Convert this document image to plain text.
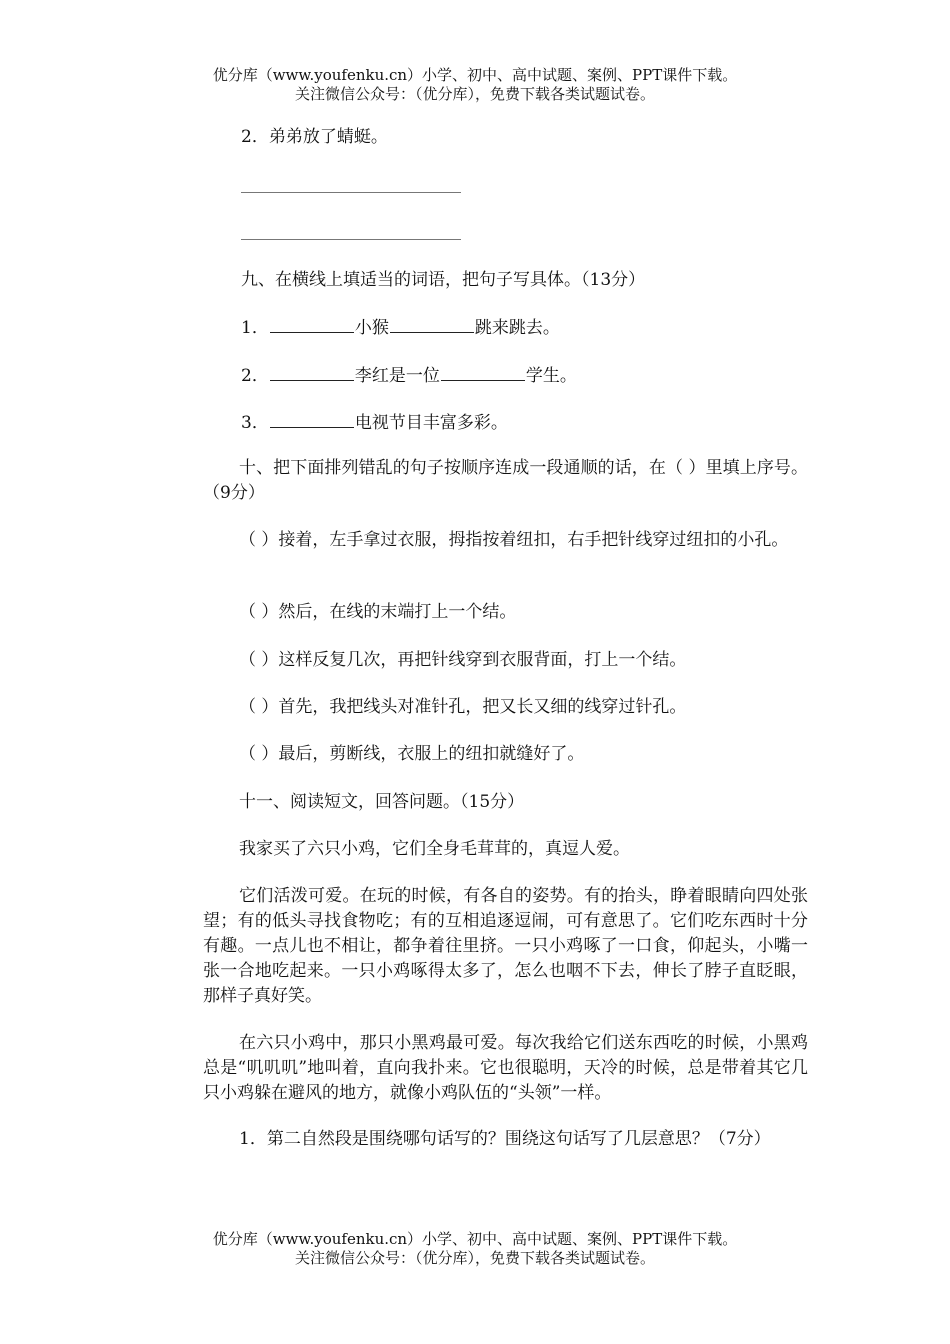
优分库（www.youfenku.cn）小学、初中、高中试题、案例、PPT课件下载。
关注微信公众号：（优分库），免费下载各类试题试卷。

2．弟弟放了蜻蜓。

九、在横线上填适当的词语，把句子写具体。（13分）

1．	小猴	跳来跳去。

2．	李红是一位	学生。

3．	电视节目丰富多彩。

十、把下面排列错乱的句子按顺序连成一段通顺的话，在（ ）里填上序号。（9分）

（ ）接着，左手拿过衣服，拇指按着纽扣，右手把针线穿过纽扣的小孔。

（ ）然后，在线的末端打上一个结。

（ ）这样反复几次，再把针线穿到衣服背面，打上一个结。

（ ）首先，我把线头对准针孔，把又长又细的线穿过针孔。

（ ）最后，剪断线，衣服上的纽扣就缝好了。

十一、阅读短文，回答问题。（15分）

我家买了六只小鸡，它们全身毛茸茸的，真逗人爱。

它们活泼可爱。在玩的时候，有各自的姿势。有的抬头，睁着眼睛向四处张望；有的低头寻找食物吃；有的互相追逐逗闹，可有意思了。它们吃东西时十分有趣。一点儿也不相让，都争着往里挤。一只小鸡啄了一口食，仰起头，小嘴一张一合地吃起来。一只小鸡啄得太多了，怎么也咽不下去，伸长了脖子直眨眼，那样子真好笑。

在六只小鸡中，那只小黑鸡最可爱。每次我给它们送东西吃的时候，小黑鸡总是“叽叽叽”地叫着，直向我扑来。它也很聪明，天冷的时候，总是带着其它几只小鸡躲在避风的地方，就像小鸡队伍的“头领”一样。

1．第二自然段是围绕哪句话写的？围绕这句话写了几层意思？（7分）

优分库（www.youfenku.cn）小学、初中、高中试题、案例、PPT课件下载。
关注微信公众号：（优分库），免费下载各类试题试卷。
